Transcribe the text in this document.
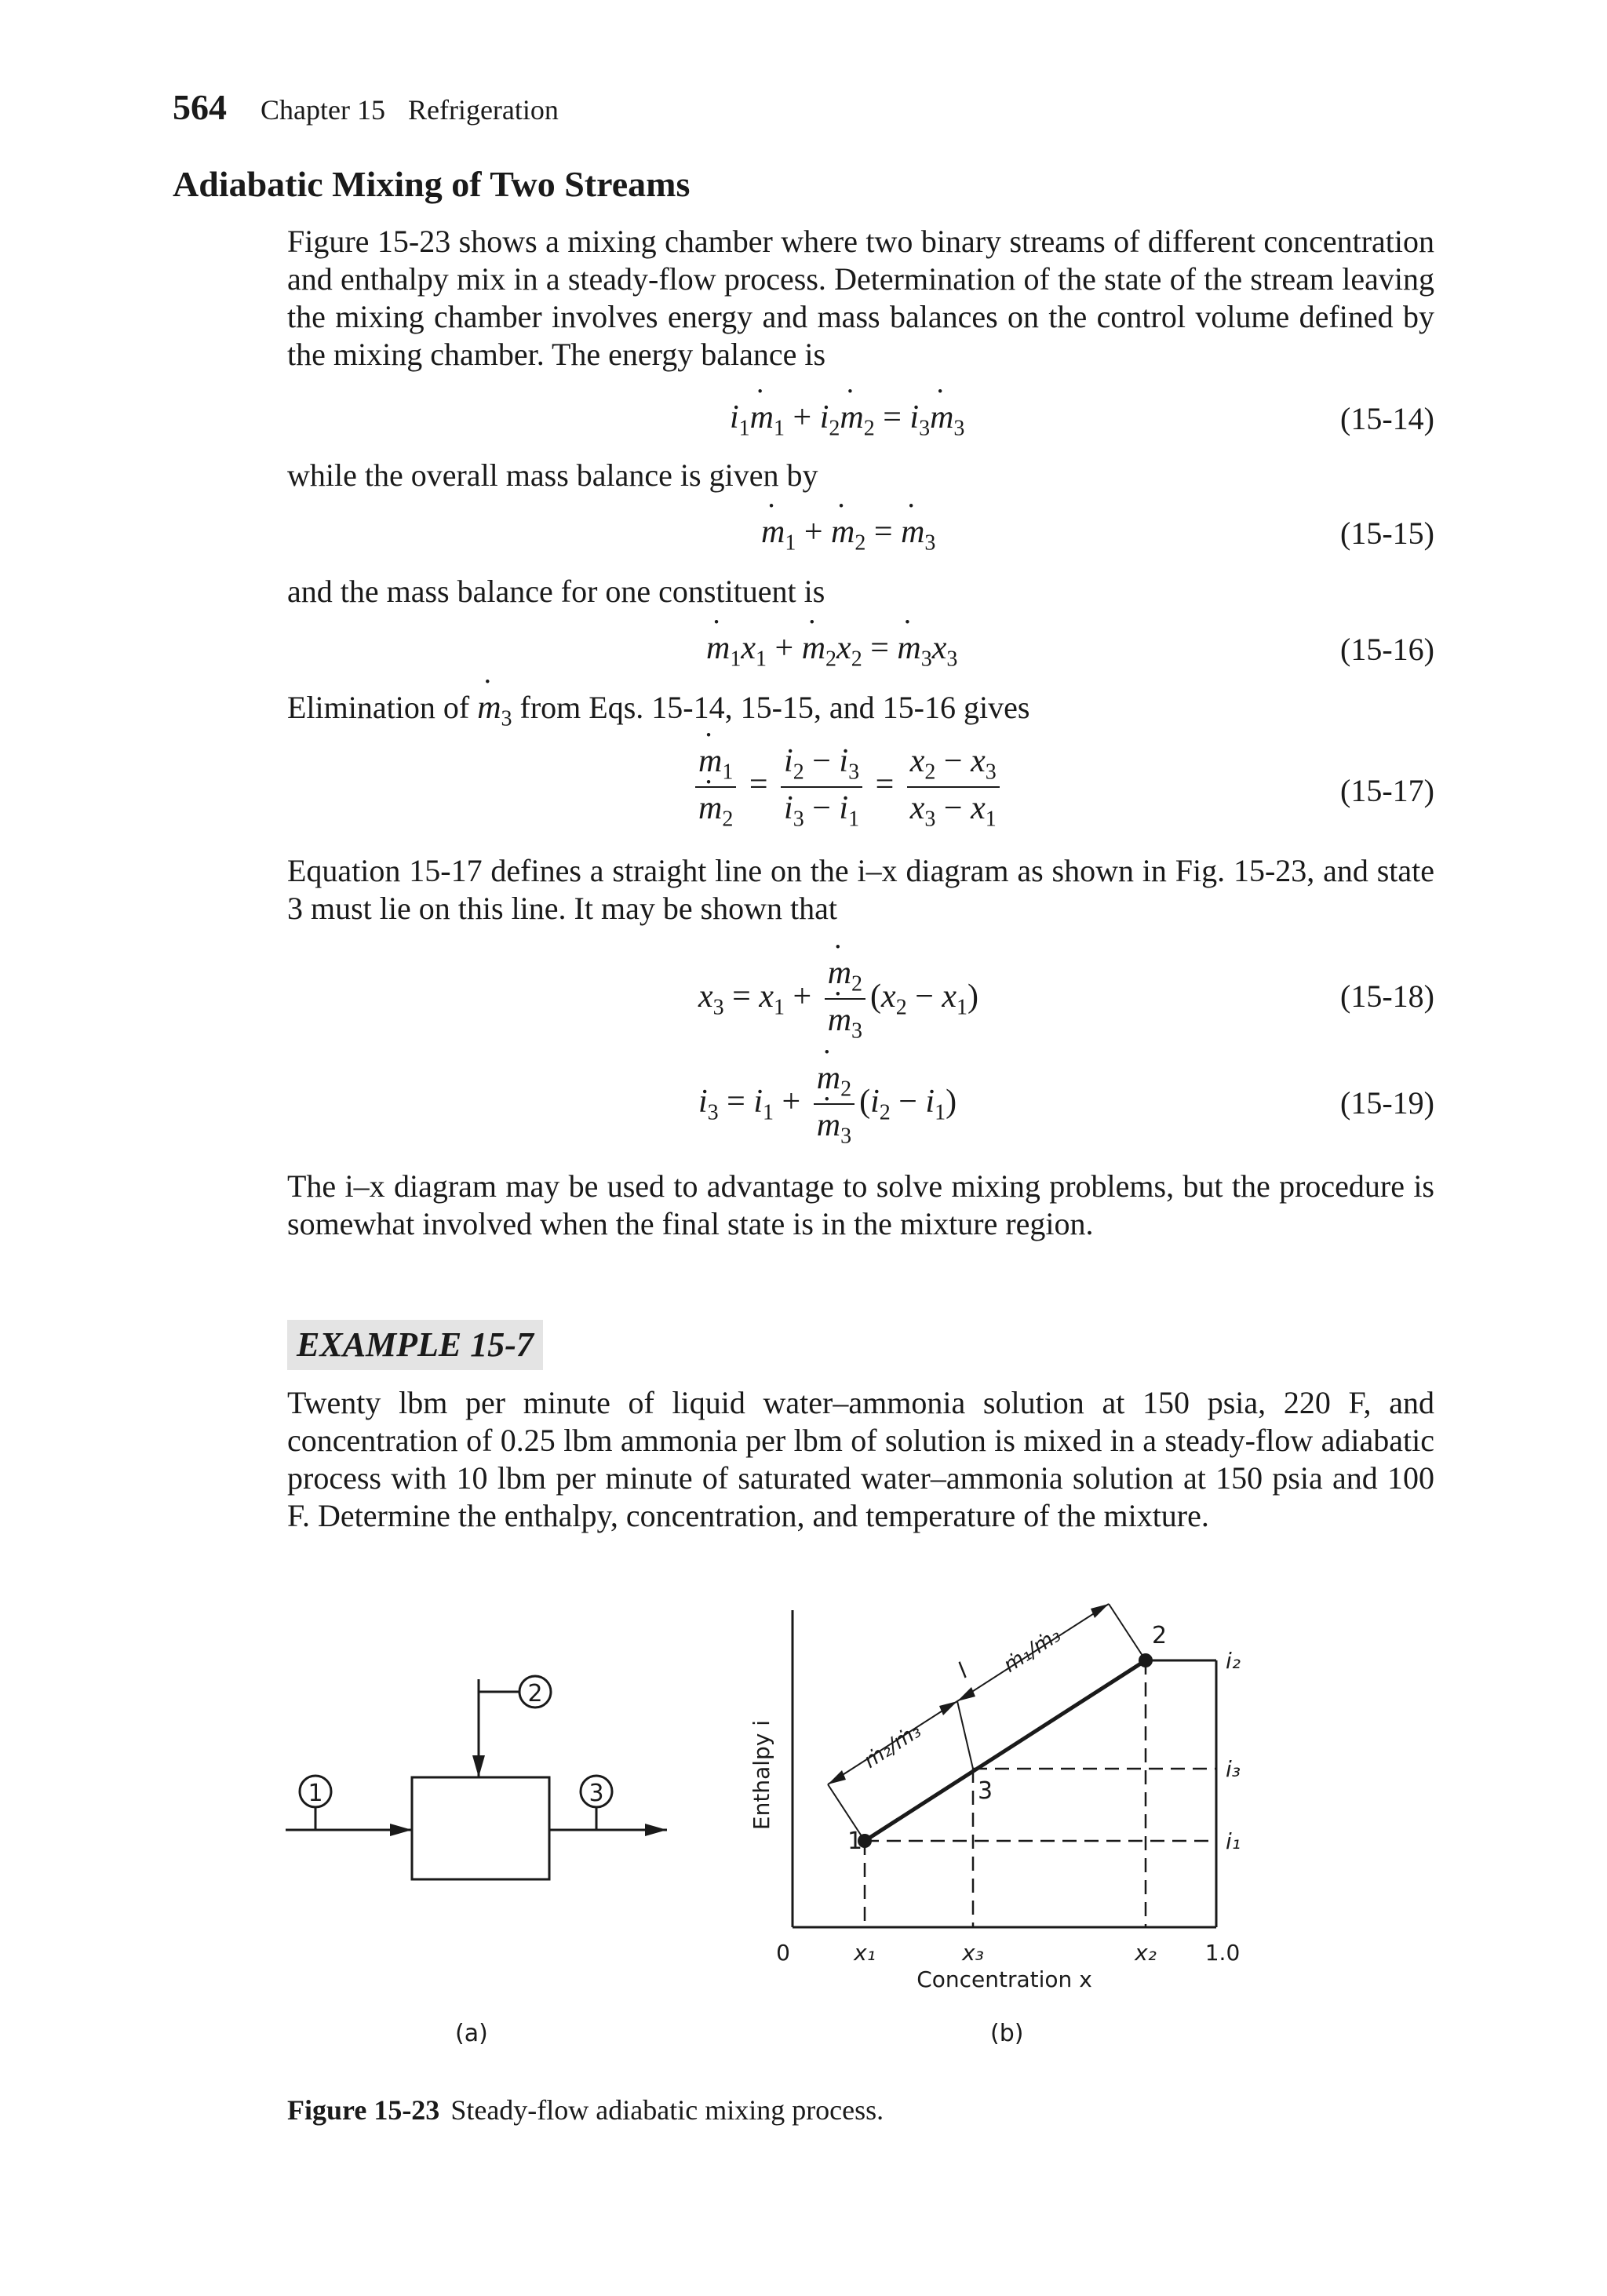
564 Chapter 15 Refrigeration
Adiabatic Mixing of Two Streams
Figure 15-23 shows a mixing chamber where two binary streams of different concentration and enthalpy mix in a steady-flow process. Determination of the state of the stream leaving the mixing chamber involves energy and mass balances on the control volume defined by the mixing chamber. The energy balance is
$i_1˙$ $m_1$ + $i_2˙$ $m_2$ = $i_3˙$ $m_3$	(15-14)
while the overall mass balance is given by
˙ $m_1$ + ˙ $m_2$ = ˙ $m_3$	(15-15)
and the mass balance for one constituent is
˙ $m_1x_1$ + ˙ $m_2x_2$ = ˙ $m_3x_3$	(15-16)
Elimination of ˙ $m_3$ from Eqs. 15-14, 15-15, and 15-16 gives
˙ $m_1$
˙ $m_2 = \frac{i_2 - i_3}{i_3 - i_1} = \frac{x_2 - x_3}{x_3 - x_1}$	(15-17)
Equation 15-17 defines a straight line on the i–x diagram as shown in Fig. 15-23, and state 3 must lie on this line. It may be shown that
$x_3 = x_1$ + ˙ $m_2$
˙ $m_3$ $(x_2 - x_1)$	(15-18)
$i_3 = i_1$ + ˙ $m_2$
˙ $m_3$ $(i_2 - i_1)$	(15-19)
The i–x diagram may be used to advantage to solve mixing problems, but the procedure is somewhat involved when the final state is in the mixture region.
EXAMPLE 15-7
Twenty lbm per minute of liquid water–ammonia solution at 150 psia, 220 F, and concentration of 0.25 lbm ammonia per lbm of solution is mixed in a steady-flow adiabatic process with 10 lbm per minute of saturated water–ammonia solution at 150 psia and 100 F. Determine the enthalpy, concentration, and temperature of the mixture.
1
2
3
(a)
1
2
3
l
ṁ₂/ṁ₃
ṁ₁/ṁ₃	i₂
i₃
i₁
0	x₁	x₃	x₂ 1.0
Concentration x
Enthalpy i
(b)
Figure 15-23 Steady-flow adiabatic mixing process.
